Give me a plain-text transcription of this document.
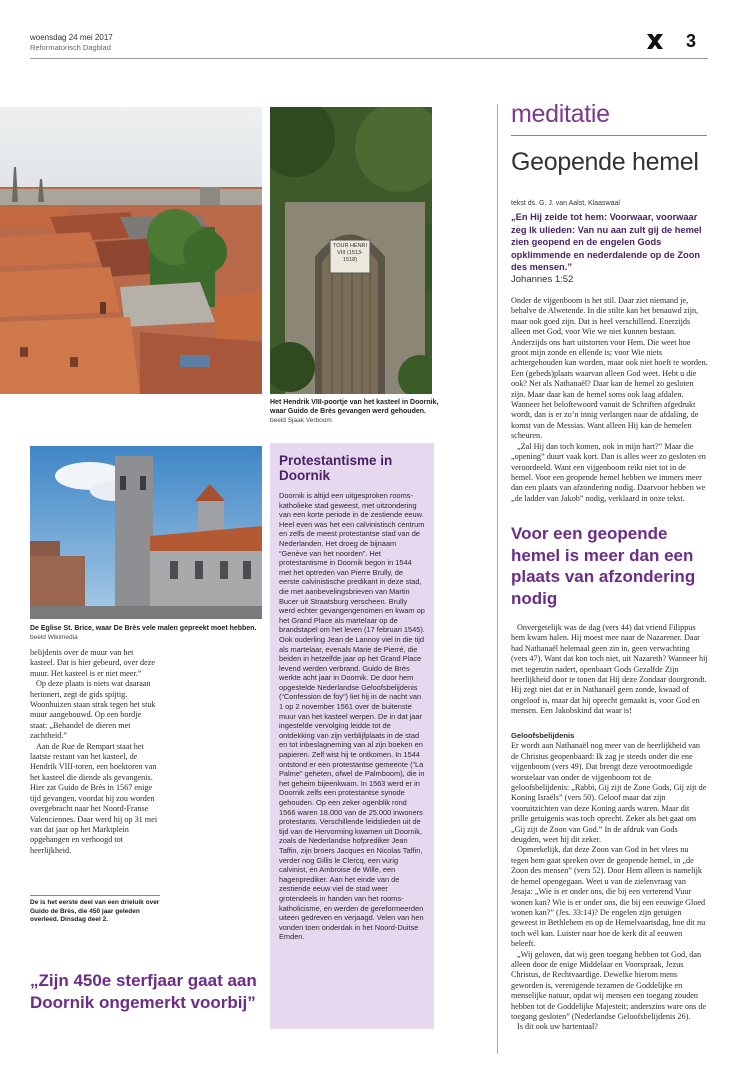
woensdag 24 mei 2017
Reformatorisch Dagblad	3
TOUR HENRI VIII (1513-1518)
Het Hendrik VIII-poortje van het kasteel in Doornik, waar Guido de Brès gevangen werd gehouden. beeld Sjaak Verboom
De Eglise St. Brice, waar De Brès vele malen gepreekt moet hebben. beeld Wikimedia

belijdenis over de muur van het kasteel. Dat is hier gebeurd, over deze muur. Het kasteel is er niet meer.”

Op deze plaats is niets wat daaraan herinnert, zegt de gids spijtig. Woonhuizen staan strak tegen het stuk muur aangebouwd. Op een bordje staat: „Behandel de dieren met zachtheid.”

Aan de Rue de Rempart staat het laatste restant van het kasteel, de Hendrik VIII-toren, een hoektoren van het kasteel die diende als gevangenis. Hier zat Guido de Brès in 1567 enige tijd gevangen, voordat hij zou worden overgebracht naar het Noord-Franse Valenciennes. Daar werd hij op 31 mei van dat jaar op het Marktplein opgehangen en verhoogd tot heerlijkheid.

De is het eerste deel van een drieluik over Guido de Brès, die 450 jaar geleden overleed. Dinsdag deel 2.
„Zijn 450e sterfjaar gaat aan Doornik ongemerkt voorbij”
Protestantisme in Doornik
Doornik is altijd een uitgesproken rooms-katholieke stad geweest, met uitzondering van een korte periode in de zestiende eeuw. Heel even was het een calvinistisch centrum en zelfs de meest protestantse stad van de Nederlanden. Het droeg de bijnaam “Genève van het noorden”. Het protestantisme in Doornik begon in 1544 met het optreden van Pierre Brully, de eerste calvinistische predikant in deze stad, die met aanbevelingsbrieven van Martin Bucer uit Straatsburg verscheen. Brully werd echter gevangengenomen en kwam op het Grand Place als martelaar op de brandstapel om het leven (17 februari 1545). Ook ouderling Jean de Lannoy viel in die tijd als martelaar, evenals Marie de Pierré, die beiden in hetzelfde jaar op het Grand Place levend werden verbrand. Guido de Brès werkte acht jaar in Doornik. De door hem opgestelde Nederlandse Geloofsbelijdenis (“Confession de foy”) liet hij in de nacht van 1 op 2 november 1561 over de buitenste muur van het kasteel werpen. De in dat jaar ingestelde vervolging leidde tot de ontdekking van zijn verblijfplaats in de stad en tot inbeslagneming van al zijn boeken en papieren. Zelf wist hij te ontkomen. In 1544 ontstond er een protestantse gemeente (“La Palme” geheten, ofwel de Palmboom), die in het geheim bijeenkwam. In 1563 werd er in Doornik zelfs een protestantse synode gehouden. Op een zeker ogenblik rond 1566 waren 18.000 van de 25.000 inwoners protestants. Verschillende leidslieden uit de tijd van de Hervorming kwamen uit Doornik, zoals de Nederlandse hofprediker Jean Taffin, zijn broers Jacques en Nicolas Taffin, verder nog Gillis le Clercq, een vurig calvinist, en Ambroise de Wille, een hagenprediker. Aan het einde van de zestiende eeuw viel de stad weer grotendeels in handen van het rooms-katholicisme, en werden de gereformeerden uiteen gedreven en verjaagd. Velen van hen vonden toen onderdak in het Noord-Duitse Emden.
meditatie
Geopende hemel
tekst ds. G. J. van Aalst, Klaaswaal
„En Hij zeide tot hem: Voorwaar, voorwaar zeg Ik ulieden: Van nu aan zult gij de hemel zien geopend en de engelen Gods opklimmende en nederdalende op de Zoon des mensen.”
Johannes 1:52

Onder de vijgenboom is het stil. Daar ziet niemand je, behalve de Alwetende. In die stilte kan het benauwd zijn, maar ook goed zijn. Dat is heel verschillend. Enerzijds alleen met God, voor Wie we niet kunnen bestaan. Anderzijds ons hart uitstorten voor Hem. Die weet hoe groot mijn zonde en ellende is; voor Wie niets achtergehouden kan worden, maar ook niet hoeft te worden. Een (gebeds)plaats waarvan alleen God weet. Hebt u die ook? Net als Nathanaël? Daar kan de hemel zo gesloten zijn. Maar daar kan de hemel soms ook laag afdalen. Wanneer het beloftewoord vanuit de Schriften afgedrukt wordt, dan is er zo’n innig verlangen naar de afdaling, de komst van de Messias. Want alleen Hij kan de hemelen scheuren.

„Zal Hij dan toch komen, ook in mijn hart?” Maar die „opening” duurt vaak kort. Dan is alles weer zo gesloten en veroordeeld. Want een vijgenboom reikt niet tot in de hemel. Voor een geopende hemel hebben we immers meer dan een plaats van afzondering nodig. Daarvoor hebben we „de ladder van Jakob” nodig, verklaard in onze tekst.

Voor een geopende hemel is meer dan een plaats van afzondering nodig

Onvergetelijk was de dag (vers 44) dat vriend Filippus hem kwam halen. Hij moest mee naar de Nazarener. Daar had Nathanaël helemaal geen zin in, geen verwachting (vers 47). Want dat kon toch niet, uit Nazareth? Wanneer hij met tegenzin nadert, openbaart Gods Gezalfde Zijn heerlijkheid door te tonen dat Hij deze Zondaar doorgrondt. Hij zegt niet dat er in Nathanaël geen zonde, kwaad of ongeloof is, maar dat hij oprecht gemaakt is, voor God en mensen. Een Jakobskind dat waar is!

Geloofsbelijdenis

Er wordt aan Nathanaël nog meer van de heerlijkheid van de Christus geopenbaard: Ik zag je steeds onder die ene vijgenboom (vers 49). Dat brengt deze verootmoedigde worstelaar van onder de vijgenboom tot de geloofsbelijdenis: „Rabbi, Gij zijt de Zone Gods, Gij zijt de Koning Israëls” (vers 50). Geloof maar dat zijn vooruitzichten van deze Koning aards waren. Maar dit prille getuigenis was toch oprecht. Zeker als het gaat om „Gij zijt de Zoon van God.” In de afdruk van Gods deugden, weet hij dit zeker.

Opmerkelijk, dat deze Zoon van God in het vlees nu tegen hem gaat spreken over de geopende hemel, in „de Zoon des mensen” (vers 52). Door Hem alleen is namelijk de hemel opengegaan. Weet u van de zielenvraag van Jesaja: „Wie is er onder ons, die bij een verterend Vuur wonen kan? Wie is er onder ons, die bij een eeuwige Gloed wonen kan?” (Jes. 33:14)? De engelen zijn getuigen geweest in Bethlehem en op de Hemelvaartsdag, hoe dit nu toch wél kan. Luister naar hoe de kerk dit al eeuwen beleeft.

„Wij geloven, dat wij geen toegang hebben tot God, dan alleen door de enige Middelaar en Voorspraak, Jezus Christus, de Rechtvaardige. Dewelke hierom mens geworden is, verenigende tezamen de Goddelijke en menselijke natuur, opdat wij mensen een toegang zouden hebben tot de Goddelijke Majesteit; anderszins ware ons de toegang gesloten” (Nederlandse Geloofsbelijdenis 26).

Is dit ook uw hartentaal?
